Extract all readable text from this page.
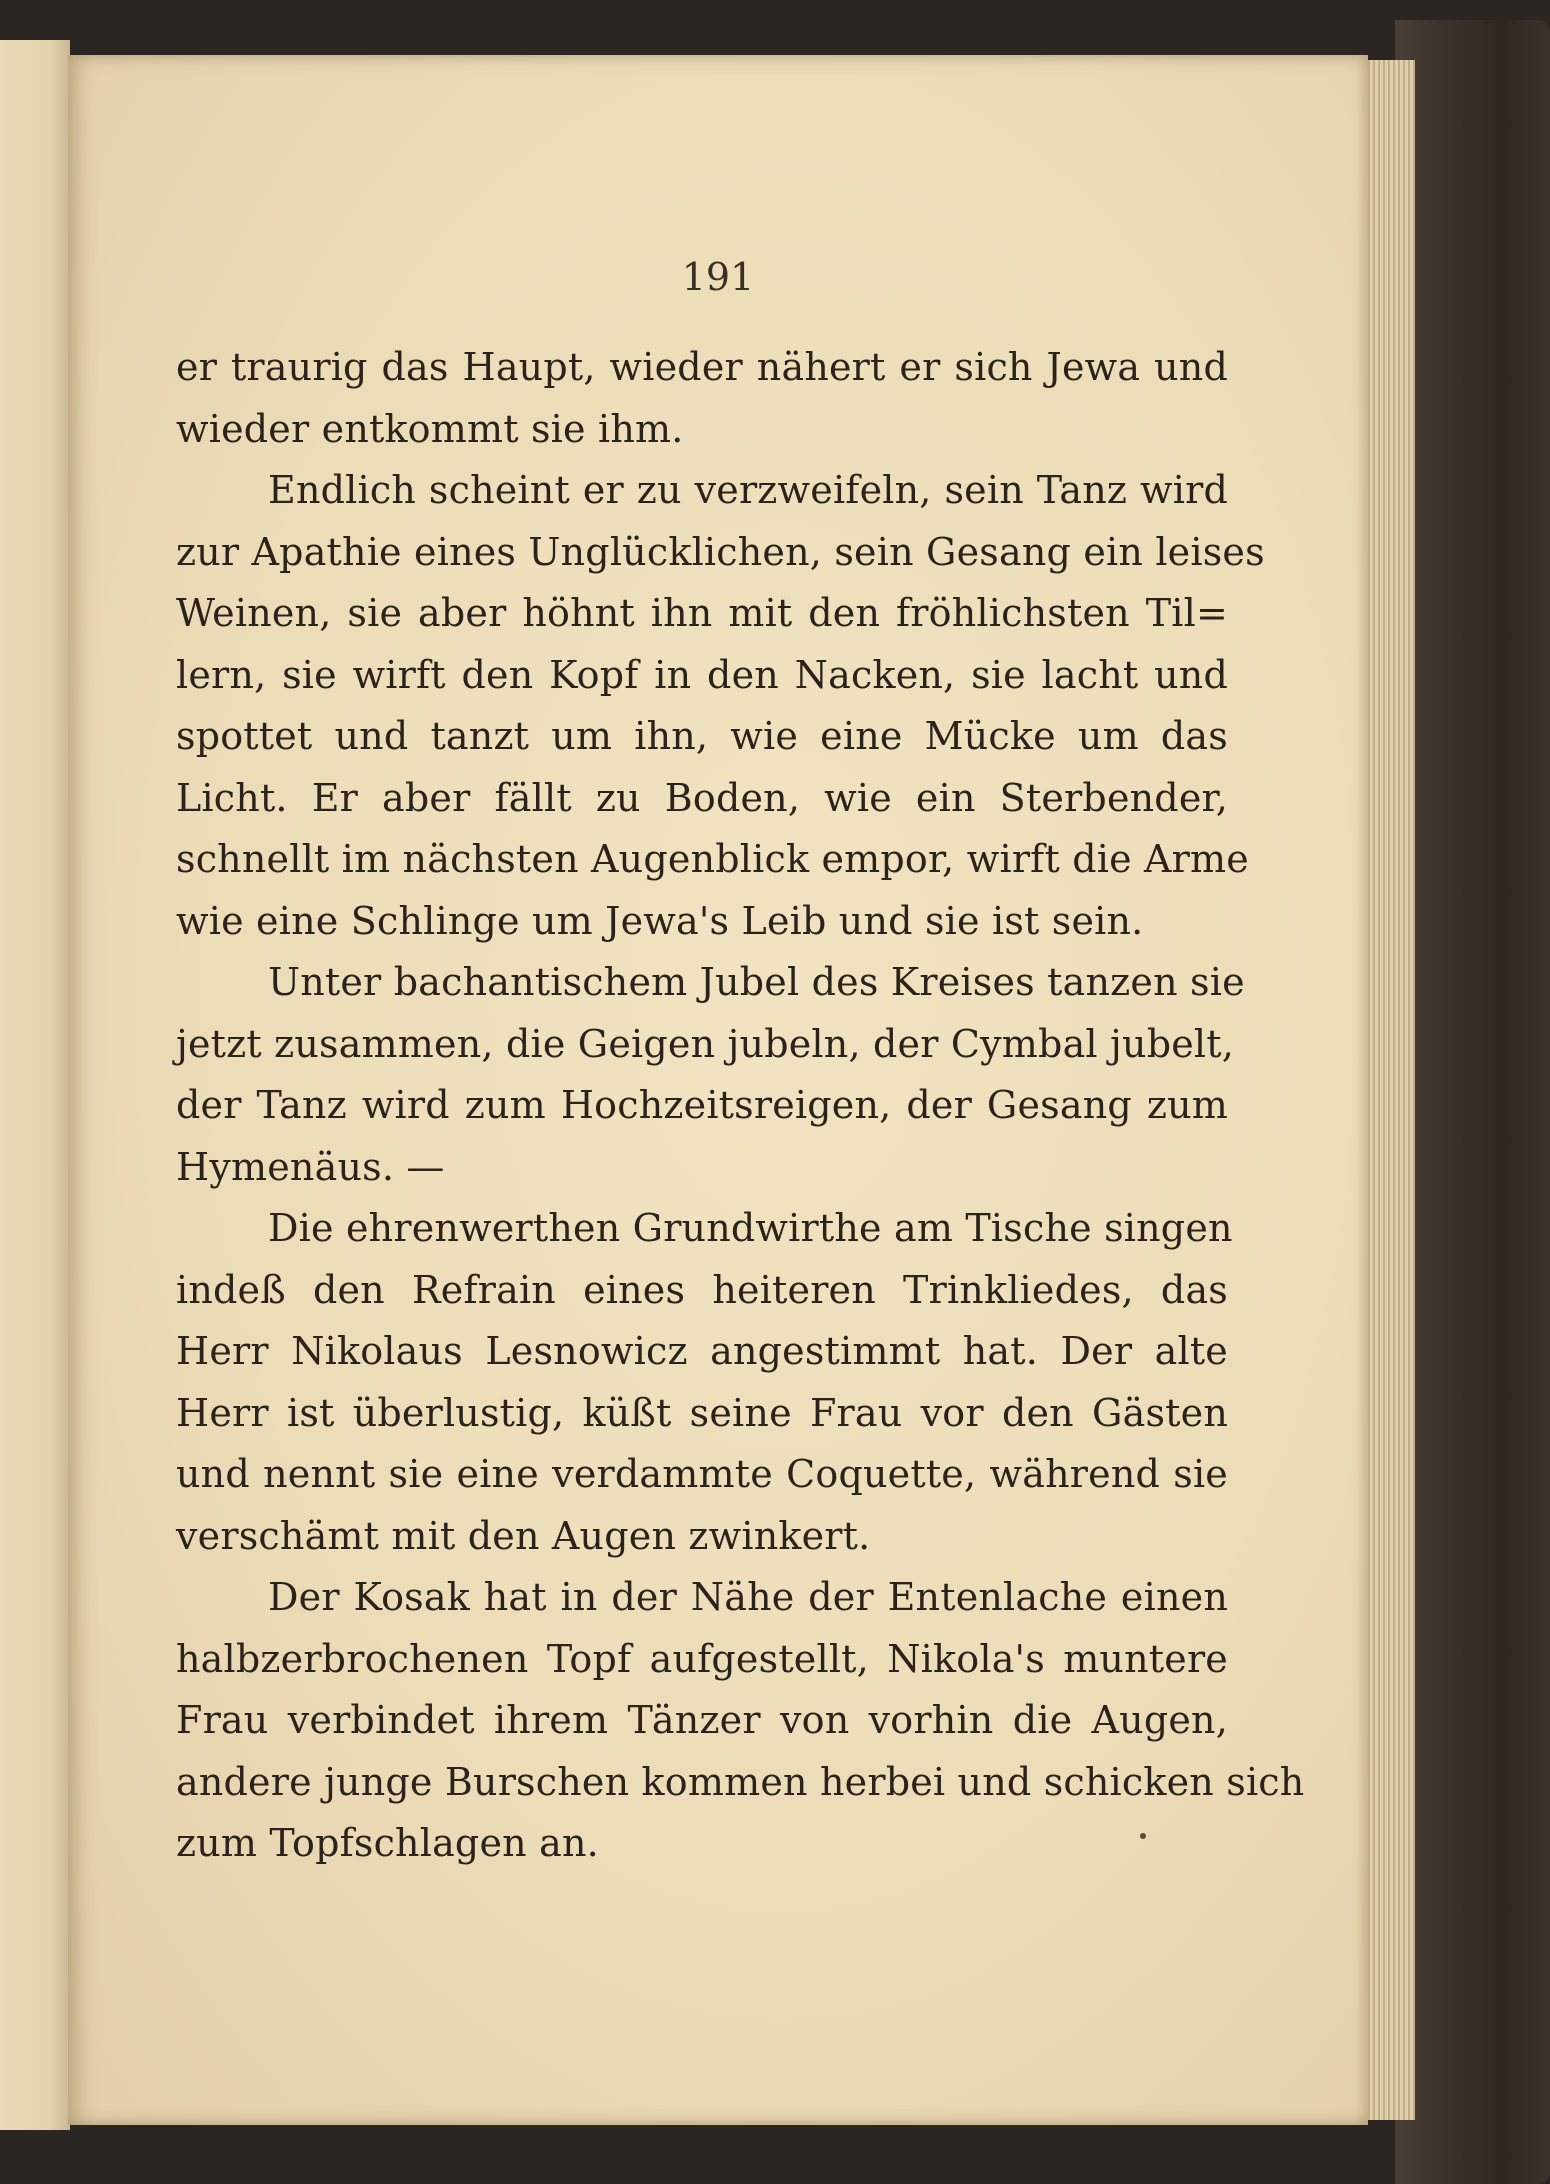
191
er traurig das Haupt, wieder nähert er sich Jewa und
wieder entkommt sie ihm.
Endlich scheint er zu verzweifeln, sein Tanz wird
zur Apathie eines Unglücklichen, sein Gesang ein leises
Weinen, sie aber höhnt ihn mit den fröhlichsten Til=
lern, sie wirft den Kopf in den Nacken, sie lacht und
spottet und tanzt um ihn, wie eine Mücke um das
Licht. Er aber fällt zu Boden, wie ein Sterbender,
schnellt im nächsten Augenblick empor, wirft die Arme
wie eine Schlinge um Jewa's Leib und sie ist sein.
Unter bachantischem Jubel des Kreises tanzen sie
jetzt zusammen, die Geigen jubeln, der Cymbal jubelt,
der Tanz wird zum Hochzeitsreigen, der Gesang zum
Hymenäus. —
Die ehrenwerthen Grundwirthe am Tische singen
indeß den Refrain eines heiteren Trinkliedes, das
Herr Nikolaus Lesnowicz angestimmt hat. Der alte
Herr ist überlustig, küßt seine Frau vor den Gästen
und nennt sie eine verdammte Coquette, während sie
verschämt mit den Augen zwinkert.
Der Kosak hat in der Nähe der Entenlache einen
halbzerbrochenen Topf aufgestellt, Nikola's muntere
Frau verbindet ihrem Tänzer von vorhin die Augen,
andere junge Burschen kommen herbei und schicken sich
zum Topfschlagen an.
